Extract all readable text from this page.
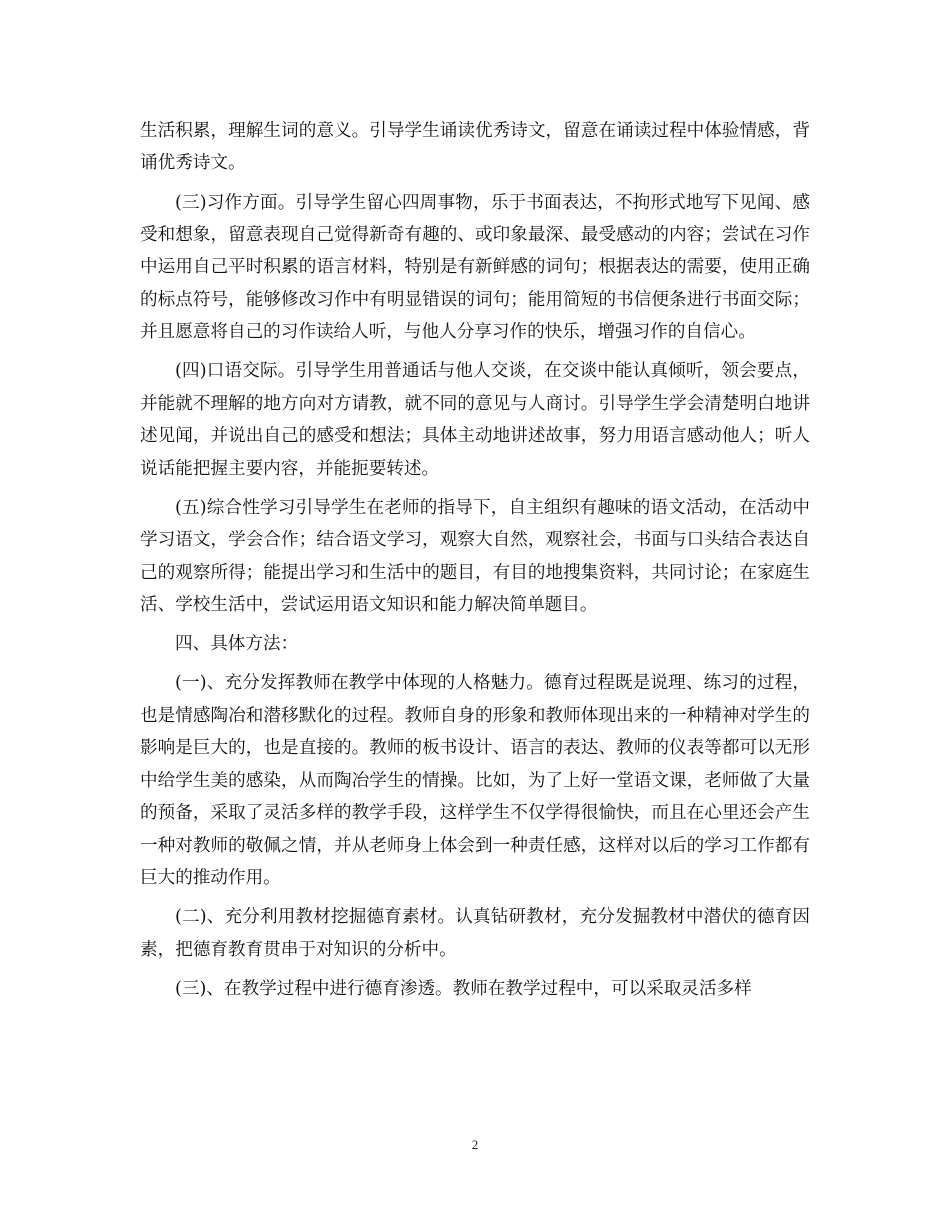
生活积累，理解生词的意义。引导学生诵读优秀诗文，留意在诵读过程中体验情感，背诵优秀诗文。

(三)习作方面。引导学生留心四周事物，乐于书面表达，不拘形式地写下见闻、感受和想象，留意表现自己觉得新奇有趣的、或印象最深、最受感动的内容；尝试在习作中运用自己平时积累的语言材料，特别是有新鲜感的词句；根据表达的需要，使用正确的标点符号，能够修改习作中有明显错误的词句；能用简短的书信便条进行书面交际；并且愿意将自己的习作读给人听，与他人分享习作的快乐，增强习作的自信心。

(四)口语交际。引导学生用普通话与他人交谈，在交谈中能认真倾听，领会要点，并能就不理解的地方向对方请教，就不同的意见与人商讨。引导学生学会清楚明白地讲述见闻，并说出自己的感受和想法；具体主动地讲述故事，努力用语言感动他人；听人说话能把握主要内容，并能扼要转述。

(五)综合性学习引导学生在老师的指导下，自主组织有趣味的语文活动，在活动中学习语文，学会合作；结合语文学习，观察大自然，观察社会，书面与口头结合表达自己的观察所得；能提出学习和生活中的题目，有目的地搜集资料，共同讨论；在家庭生活、学校生活中，尝试运用语文知识和能力解决简单题目。

四、具体方法：

(一)、充分发挥教师在教学中体现的人格魅力。德育过程既是说理、练习的过程，也是情感陶冶和潜移默化的过程。教师自身的形象和教师体现出来的一种精神对学生的影响是巨大的，也是直接的。教师的板书设计、语言的表达、教师的仪表等都可以无形中给学生美的感染，从而陶冶学生的情操。比如，为了上好一堂语文课，老师做了大量的预备，采取了灵活多样的教学手段，这样学生不仅学得很愉快，而且在心里还会产生一种对教师的敬佩之情，并从老师身上体会到一种责任感，这样对以后的学习工作都有巨大的推动作用。

(二)、充分利用教材挖掘德育素材。认真钻研教材，充分发掘教材中潜伏的德育因素，把德育教育贯串于对知识的分析中。

(三)、在教学过程中进行德育渗透。教师在教学过程中，可以采取灵活多样

2
